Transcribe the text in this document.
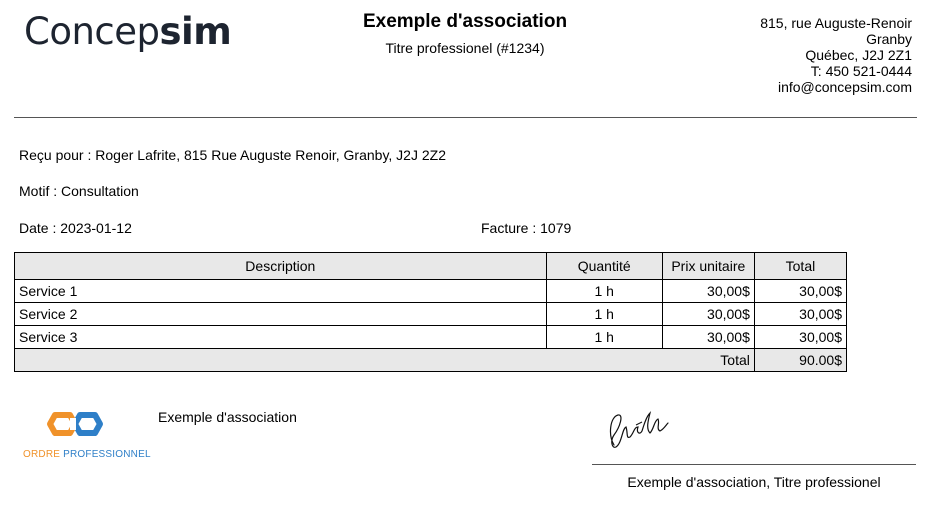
Concepsim	Exemple d'association
Titre professionel (#1234)
815, rue Auguste-Renoir
Granby
Québec, J2J 2Z1
T: 450 521-0444
info@concepsim.com
Reçu pour : Roger Lafrite, 815 Rue Auguste Renoir, Granby, J2J 2Z2
Motif : Consultation
Date : 2023-01-12	Facture : 1079
Description	Quantité	Prix unitaire	Total
Service 1	1 h	30,00$	30,00$
Service 2	1 h	30,00$	30,00$
Service 3	1 h	30,00$	30,00$
Total			90.00$
ORDRE PROFESSIONNEL
Exemple d'association
Exemple d'association, Titre professionel
